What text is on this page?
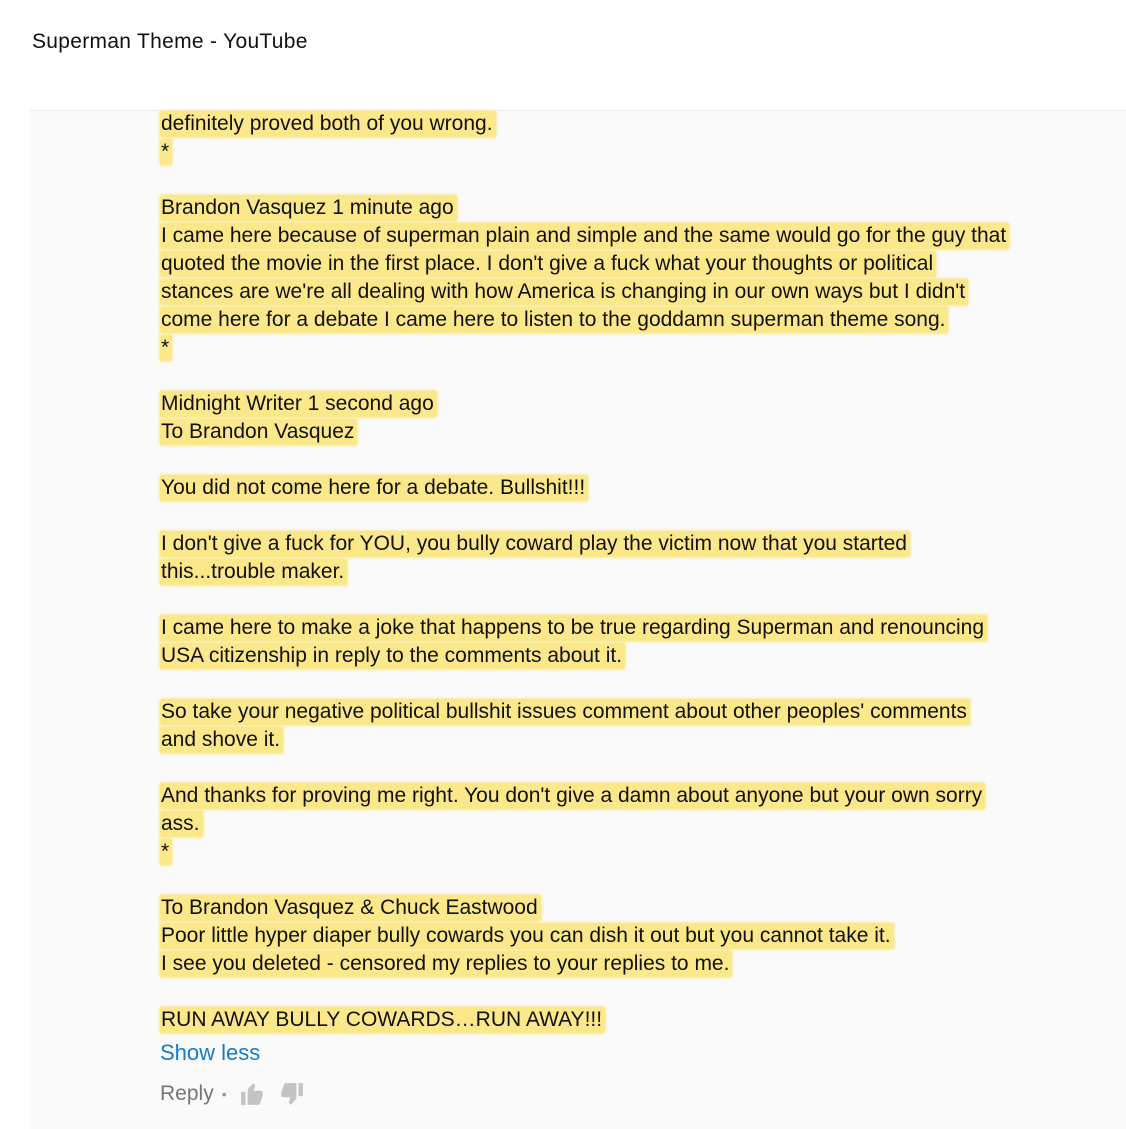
Superman Theme - YouTube
definitely proved both of you wrong.
*
Brandon Vasquez 1 minute ago
I came here because of superman plain and simple and the same would go for the guy that
quoted the movie in the first place. I don't give a fuck what your thoughts or political
stances are we're all dealing with how America is changing in our own ways but I didn't
come here for a debate I came here to listen to the goddamn superman theme song.
*
Midnight Writer 1 second ago
To Brandon Vasquez
You did not come here for a debate. Bullshit!!!
I don't give a fuck for YOU, you bully coward play the victim now that you started
this...trouble maker.
I came here to make a joke that happens to be true regarding Superman and renouncing
USA citizenship in reply to the comments about it.
So take your negative political bullshit issues comment about other peoples' comments
and shove it.
And thanks for proving me right. You don't give a damn about anyone but your own sorry
ass.
*
To Brandon Vasquez & Chuck Eastwood
Poor little hyper diaper bully cowards you can dish it out but you cannot take it.
I see you deleted - censored my replies to your replies to me.
RUN AWAY BULLY COWARDS…RUN AWAY!!!
Show less
Reply •
